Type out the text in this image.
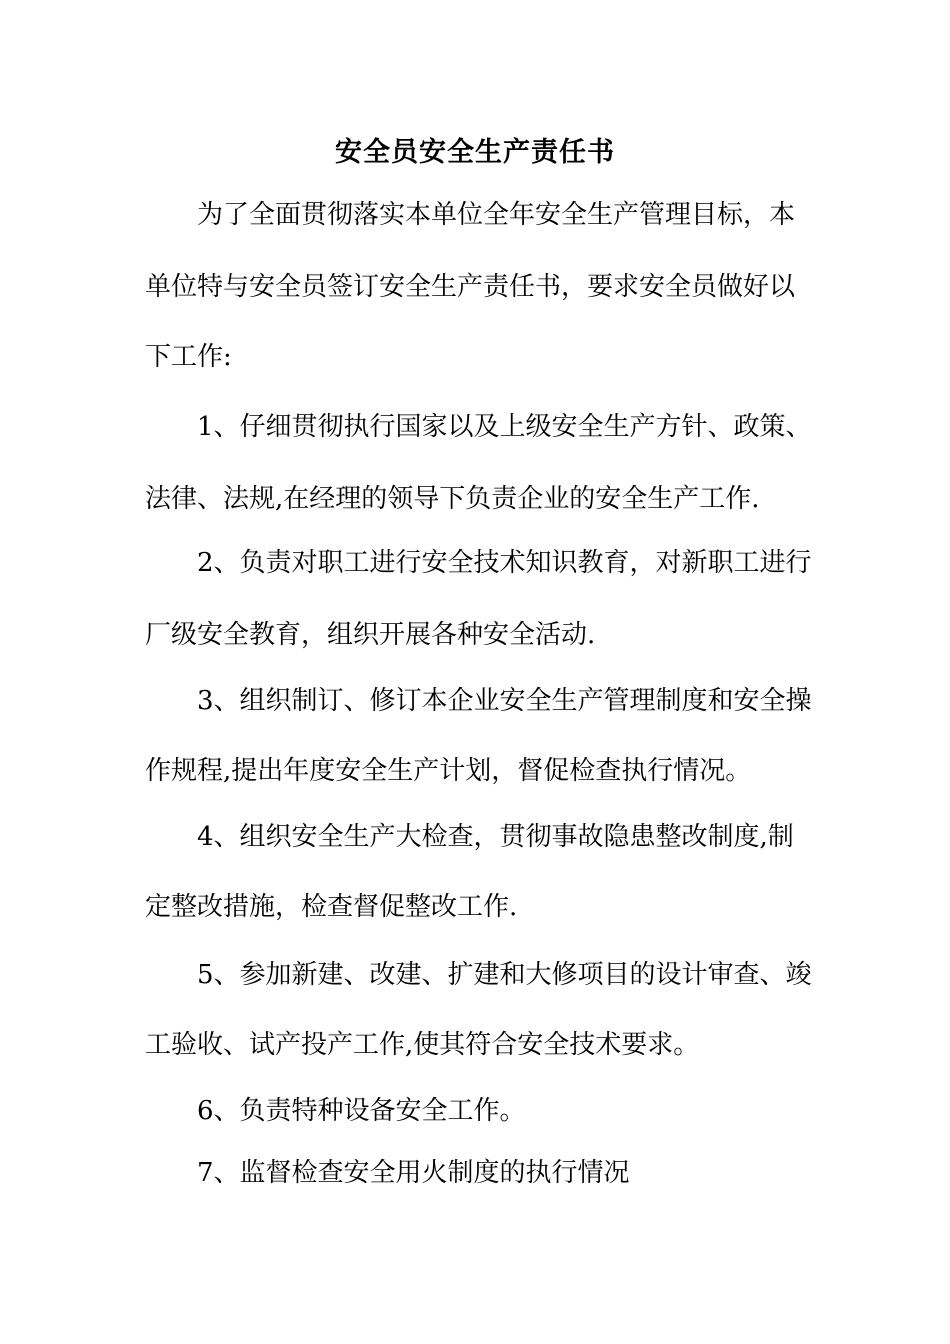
安全员安全生产责任书
为了全面贯彻落实本单位全年安全生产管理目标，本
单位特与安全员签订安全生产责任书，要求安全员做好以
下工作:
1、仔细贯彻执行国家以及上级安全生产方针、政策、
法律、法规,在经理的领导下负责企业的安全生产工作.
2、负责对职工进行安全技术知识教育，对新职工进行
厂级安全教育，组织开展各种安全活动.
3、组织制订、修订本企业安全生产管理制度和安全操
作规程,提出年度安全生产计划，督促检查执行情况。
4、组织安全生产大检查，贯彻事故隐患整改制度,制
定整改措施，检查督促整改工作.
5、参加新建、改建、扩建和大修项目的设计审查、竣
工验收、试产投产工作,使其符合安全技术要求。
6、负责特种设备安全工作。
7、监督检查安全用火制度的执行情况
